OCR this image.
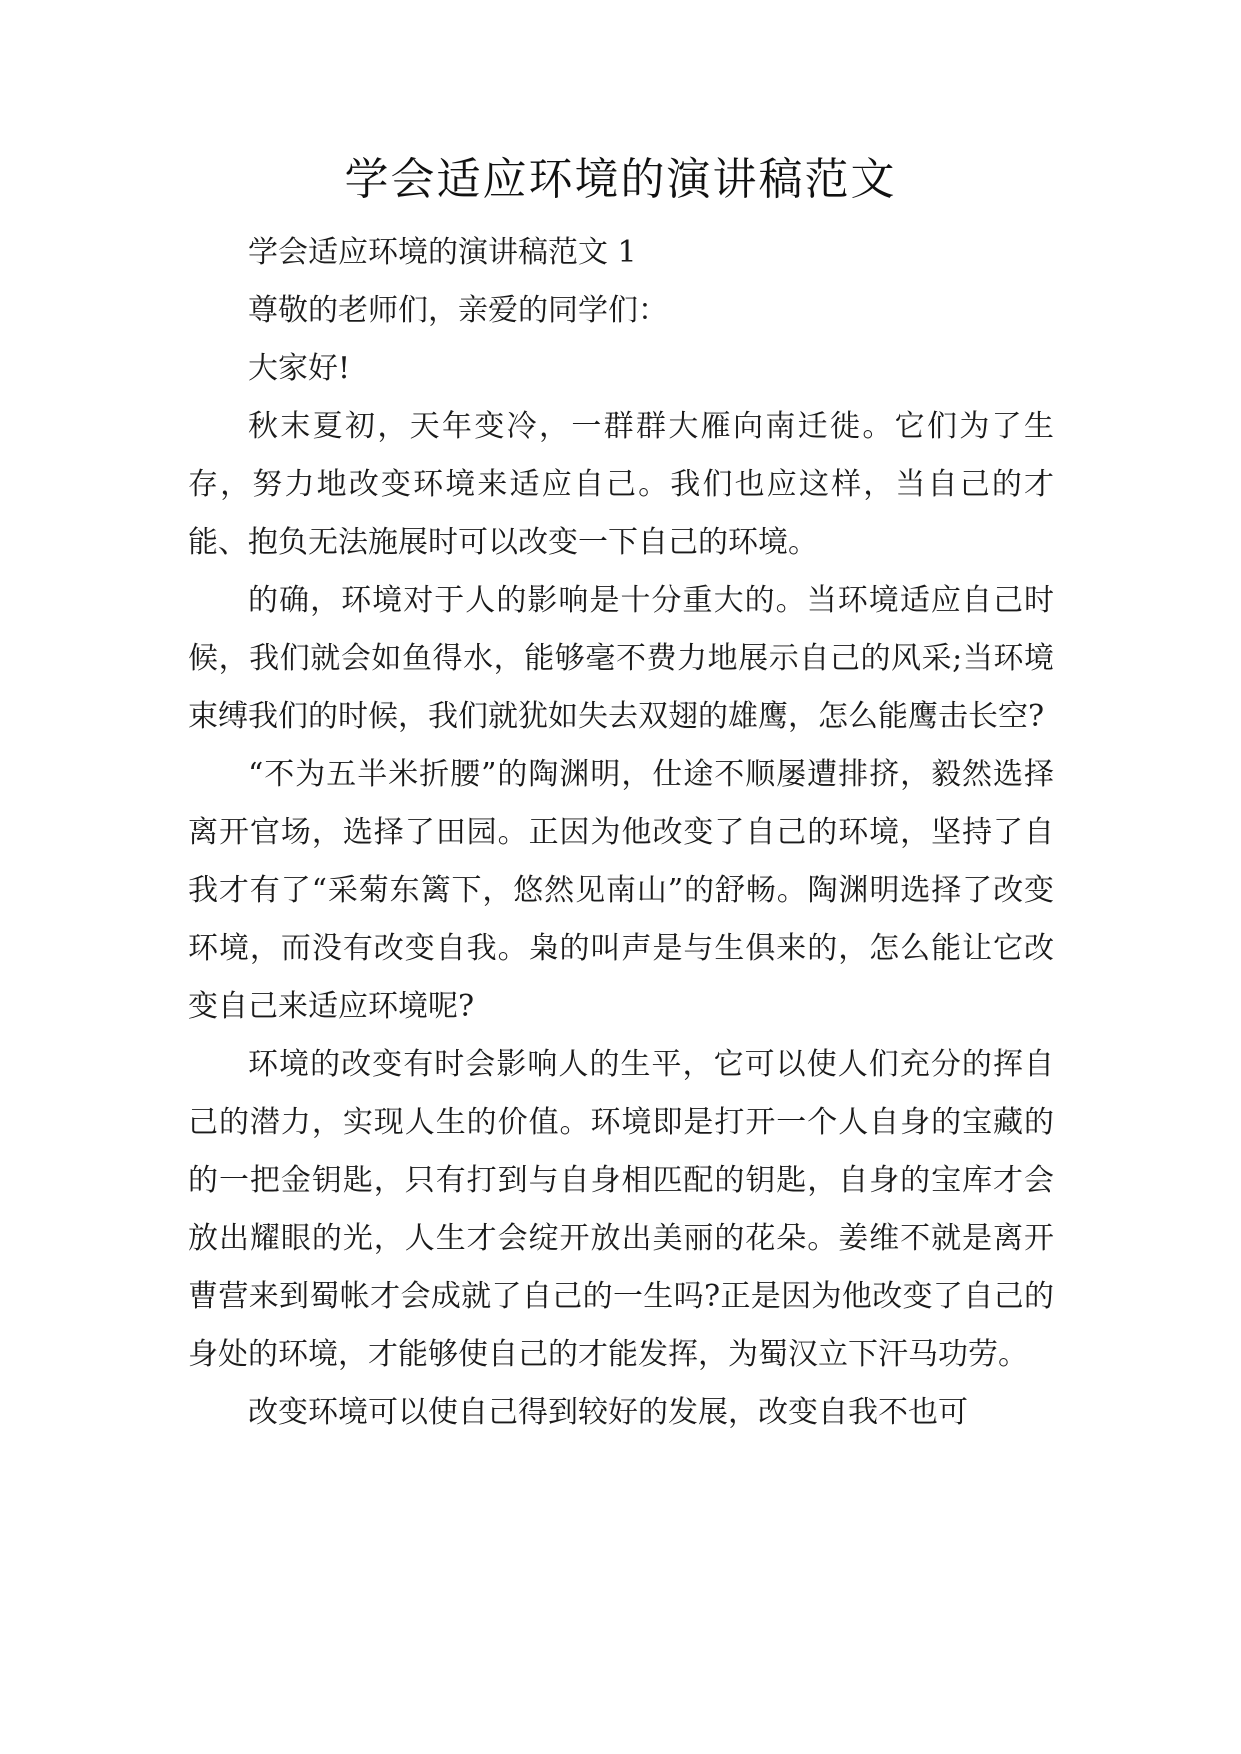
学会适应环境的演讲稿范文

学会适应环境的演讲稿范文 1

尊敬的老师们，亲爱的同学们：

大家好!

秋末夏初，天年变冷，一群群大雁向南迁徙。它们为了生存，努力地改变环境来适应自己。我们也应这样，当自己的才能、抱负无法施展时可以改变一下自己的环境。

的确，环境对于人的影响是十分重大的。当环境适应自己时候，我们就会如鱼得水，能够毫不费力地展示自己的风采;当环境束缚我们的时候，我们就犹如失去双翅的雄鹰，怎么能鹰击长空?

“不为五半米折腰”的陶渊明，仕途不顺屡遭排挤，毅然选择离开官场，选择了田园。正因为他改变了自己的环境，坚持了自我才有了“采菊东篱下，悠然见南山”的舒畅。陶渊明选择了改变环境，而没有改变自我。枭的叫声是与生俱来的，怎么能让它改变自己来适应环境呢?

环境的改变有时会影响人的生平，它可以使人们充分的挥自己的潜力，实现人生的价值。环境即是打开一个人自身的宝藏的的一把金钥匙，只有打到与自身相匹配的钥匙，自身的宝库才会放出耀眼的光，人生才会绽开放出美丽的花朵。姜维不就是离开曹营来到蜀帐才会成就了自己的一生吗?正是因为他改变了自己的身处的环境，才能够使自己的才能发挥，为蜀汉立下汗马功劳。

改变环境可以使自己得到较好的发展，改变自我不也可
